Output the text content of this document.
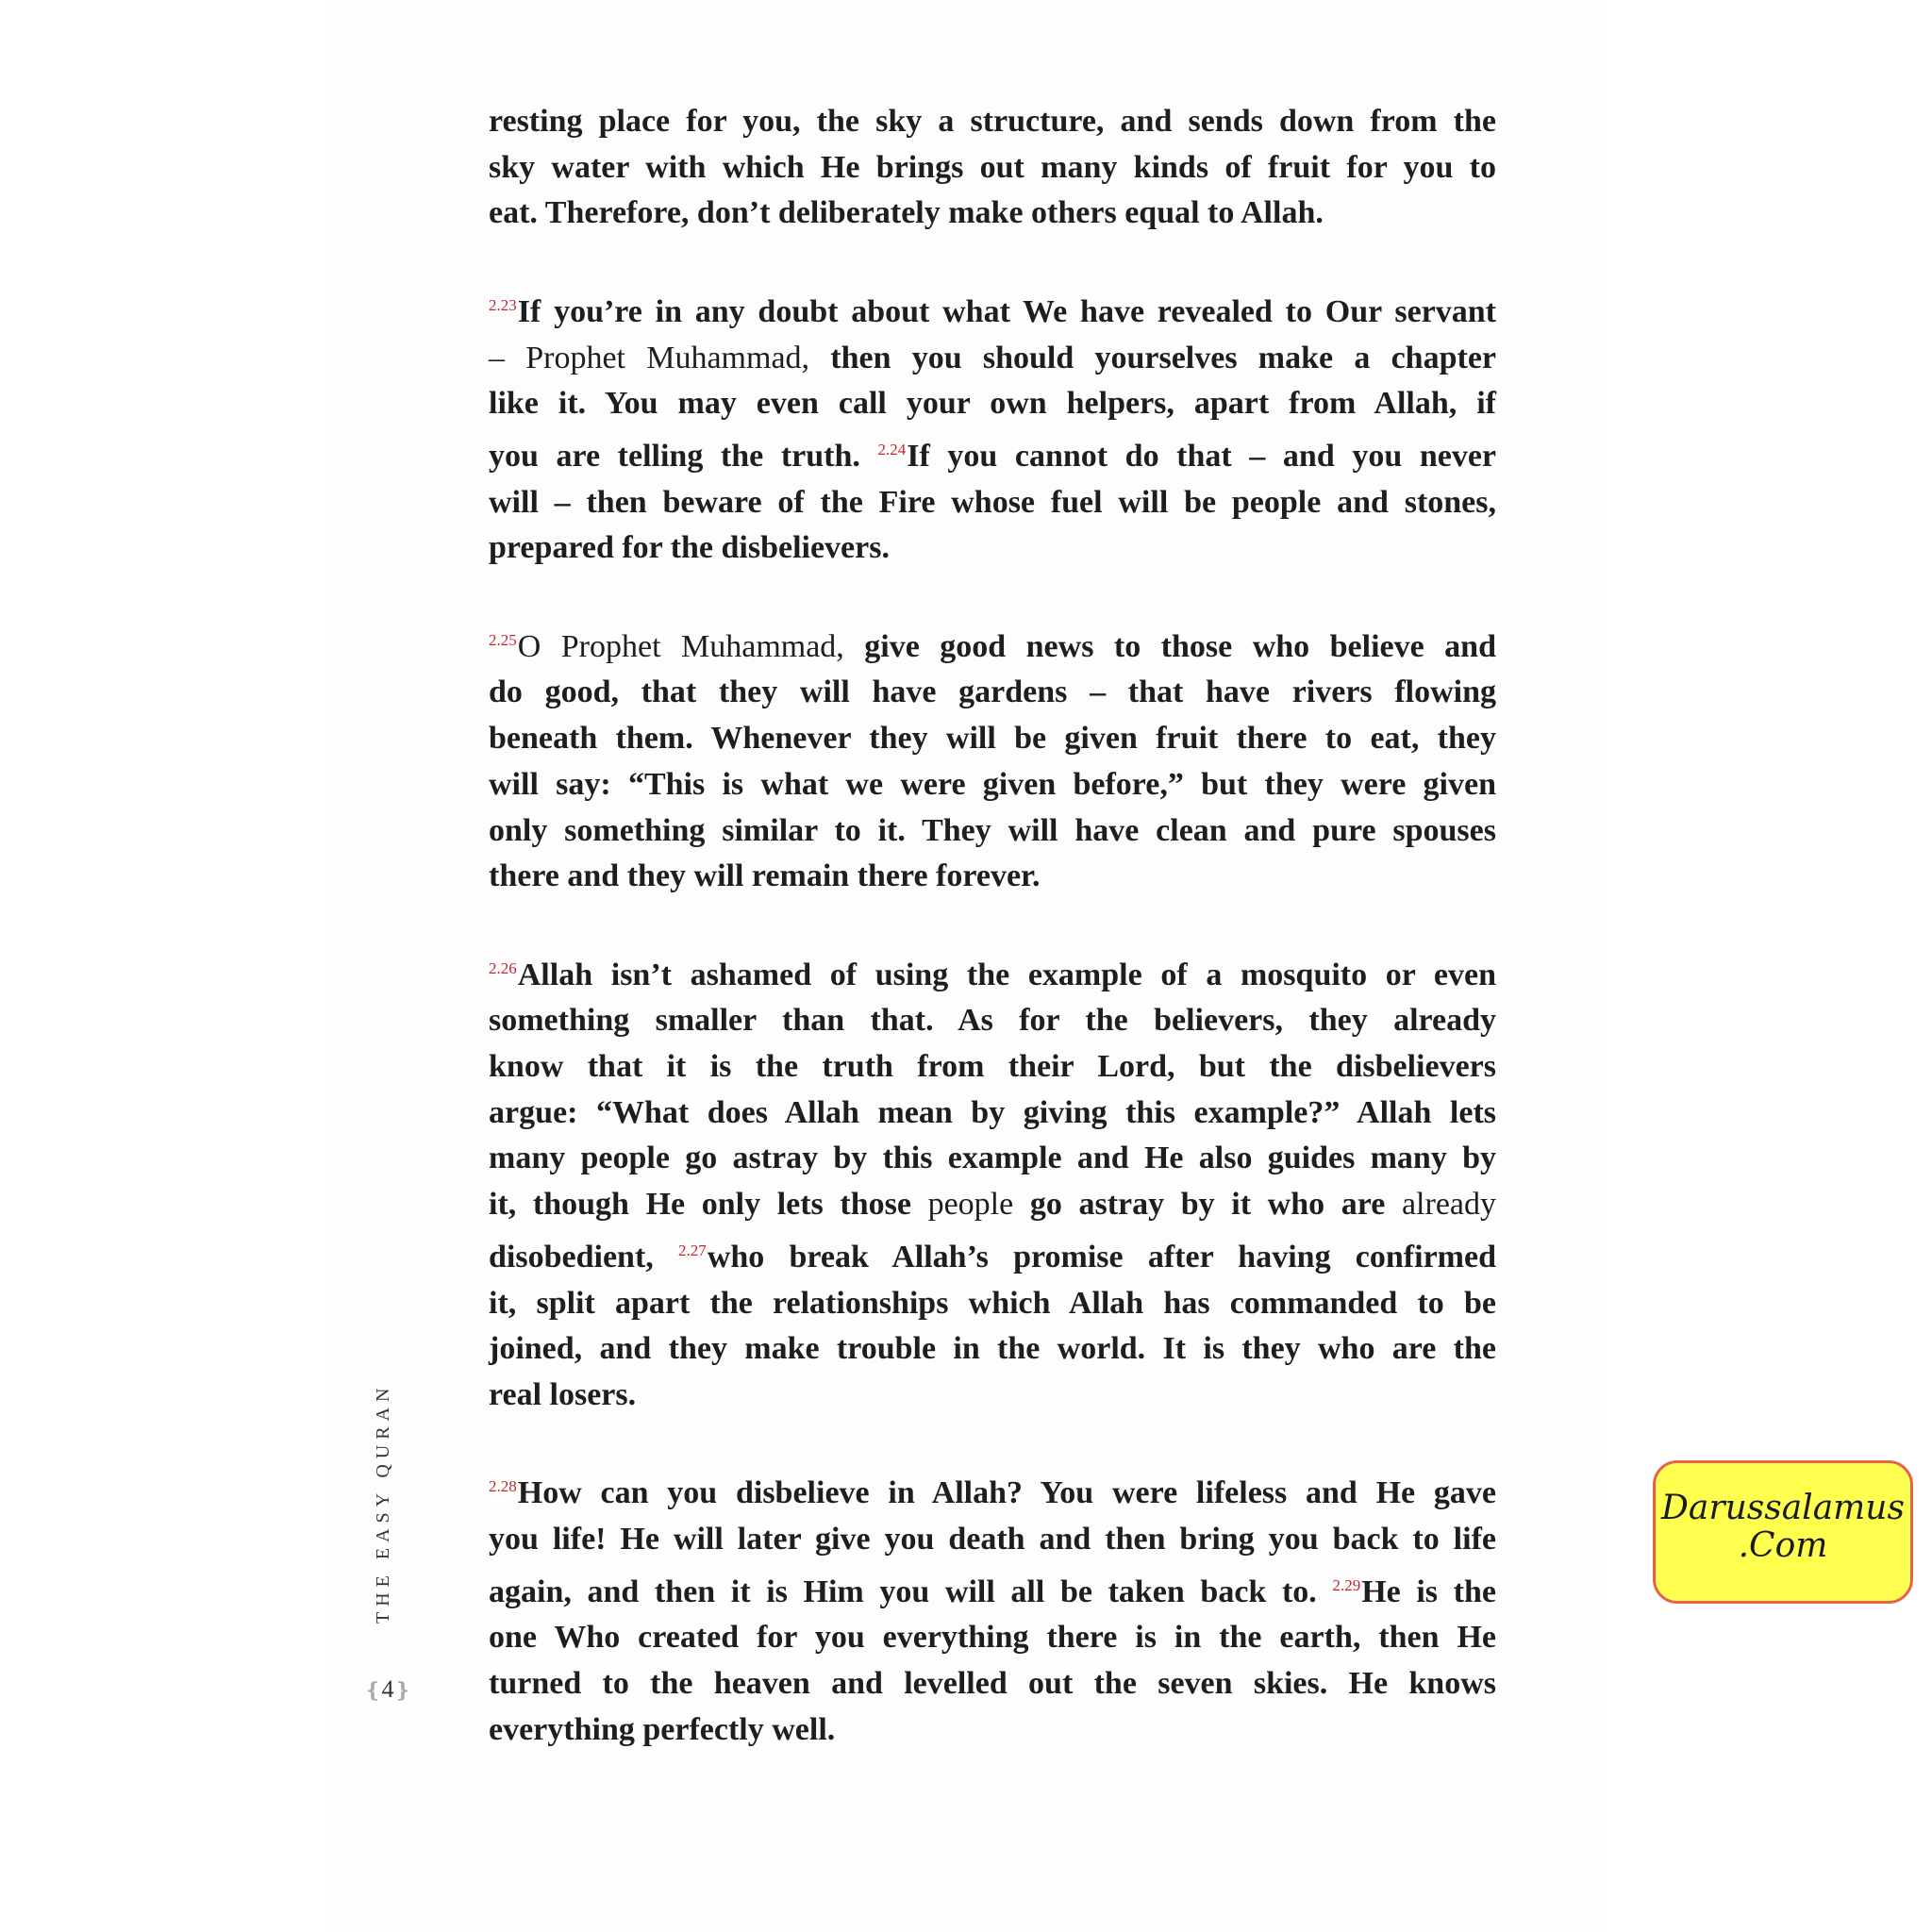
resting place for you, the sky a structure, and sends down from the
sky water with which He brings out many kinds of fruit for you to
eat. Therefore, don’t deliberately make others equal to Allah.
$^{2.23}$If you’re in any doubt about what We have revealed to Our servant
– Prophet Muhammad, then you should yourselves make a chapter
like it. You may even call your own helpers, apart from Allah, if
you are telling the truth. $^{2.24}$If you cannot do that – and you never
will – then beware of the Fire whose fuel will be people and stones,
prepared for the disbelievers.
$^{2.25}$O Prophet Muhammad, give good news to those who believe and
do good, that they will have gardens – that have rivers flowing
beneath them. Whenever they will be given fruit there to eat, they
will say: “This is what we were given before,” but they were given
only something similar to it. They will have clean and pure spouses
there and they will remain there forever.
$^{2.26}$Allah isn’t ashamed of using the example of a mosquito or even
something smaller than that. As for the believers, they already
know that it is the truth from their Lord, but the disbelievers
argue: “What does Allah mean by giving this example?” Allah lets
many people go astray by this example and He also guides many by
it, though He only lets those people go astray by it who are already
disobedient, $^{2.27}$who break Allah’s promise after having confirmed
it, split apart the relationships which Allah has commanded to be
joined, and they make trouble in the world. It is they who are the
real losers.
$^{2.28}$How can you disbelieve in Allah? You were lifeless and He gave
you life! He will later give you death and then bring you back to life
again, and then it is Him you will all be taken back to. $^{2.29}$He is the
one Who created for you everything there is in the earth, then He
turned to the heaven and levelled out the seven skies. He knows
everything perfectly well.
THE EASY QURAN
❴4❵
Darussalamus
.Com
